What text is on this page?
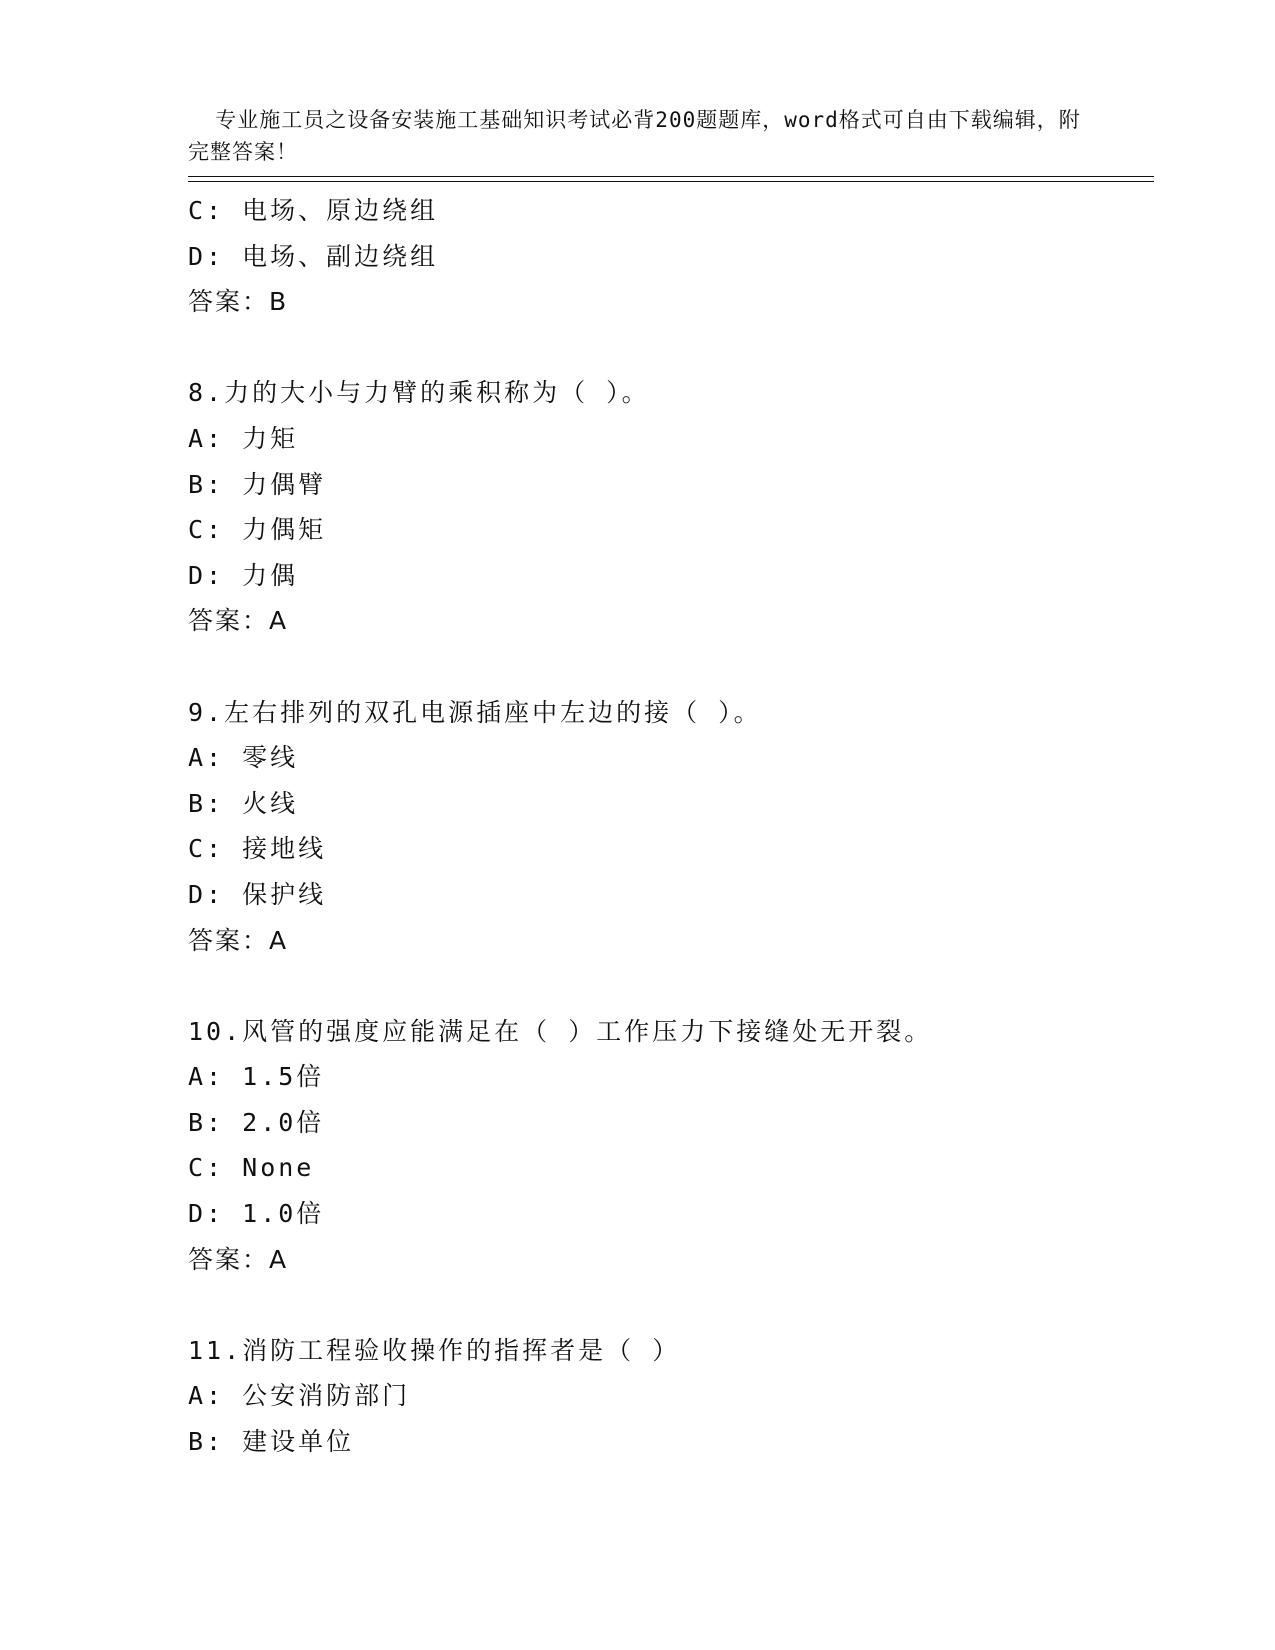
专业施工员之设备安装施工基础知识考试必背200题题库，word格式可自由下载编辑，附完整答案！

C: 电场、原边绕组
D: 电场、副边绕组
答案：B
8.力的大小与力臂的乘积称为（ ）。
A: 力矩
B: 力偶臂
C: 力偶矩
D: 力偶
答案：A
9.左右排列的双孔电源插座中左边的接（ ）。
A: 零线
B: 火线
C: 接地线
D: 保护线
答案：A
10.风管的强度应能满足在（ ）工作压力下接缝处无开裂。
A: 1.5倍
B: 2.0倍
C: None
D: 1.0倍
答案：A
11.消防工程验收操作的指挥者是（ ）
A: 公安消防部门
B: 建设单位
